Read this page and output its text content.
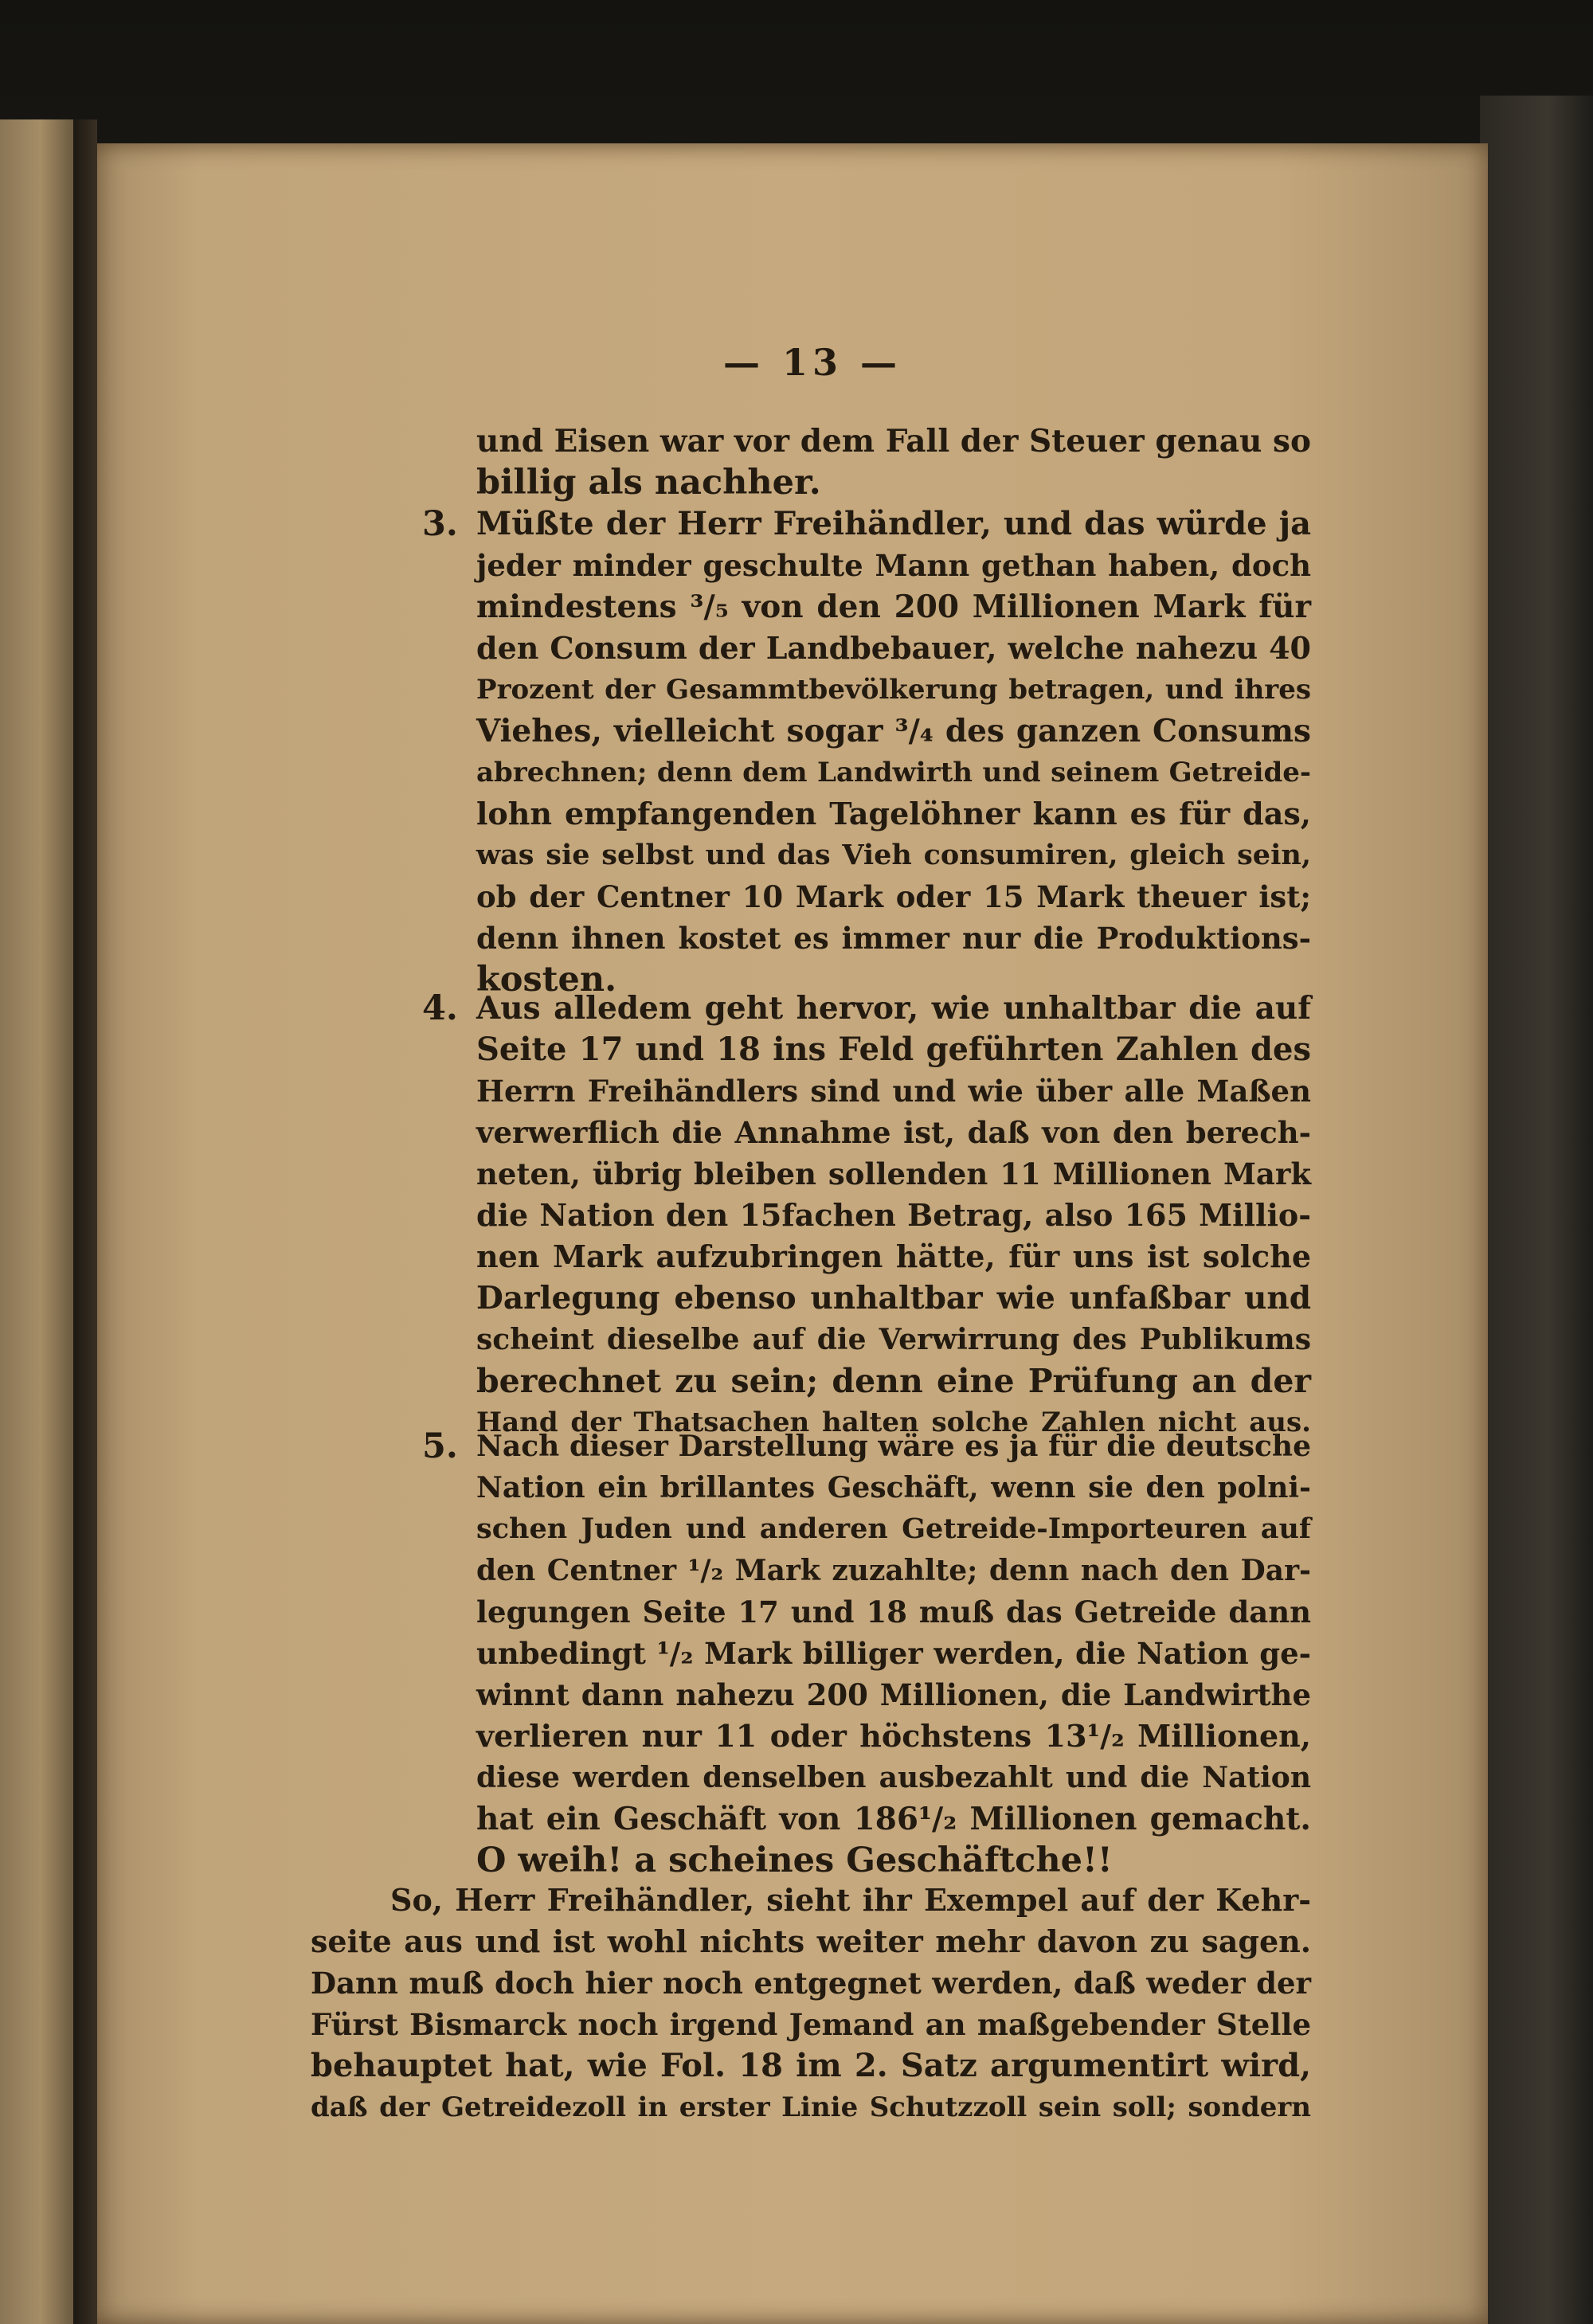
— 13 —
und Eisen war vor dem Fall der Steuer genau so
billig als nachher.
3. Müßte der Herr Freihändler, und das würde ja
jeder minder geschulte Mann gethan haben, doch
mindestens ³/₅ von den 200 Millionen Mark für
den Consum der Landbebauer, welche nahezu 40
Prozent der Gesammtbevölkerung betragen, und ihres
Viehes, vielleicht sogar ³/₄ des ganzen Consums
abrechnen; denn dem Landwirth und seinem Getreide-
lohn empfangenden Tagelöhner kann es für das,
was sie selbst und das Vieh consumiren, gleich sein,
ob der Centner 10 Mark oder 15 Mark theuer ist;
denn ihnen kostet es immer nur die Produktions-
kosten.
4. Aus alledem geht hervor, wie unhaltbar die auf
Seite 17 und 18 ins Feld geführten Zahlen des
Herrn Freihändlers sind und wie über alle Maßen
verwerflich die Annahme ist, daß von den berech-
neten, übrig bleiben sollenden 11 Millionen Mark
die Nation den 15fachen Betrag, also 165 Millio-
nen Mark aufzubringen hätte, für uns ist solche
Darlegung ebenso unhaltbar wie unfaßbar und
scheint dieselbe auf die Verwirrung des Publikums
berechnet zu sein; denn eine Prüfung an der
Hand der Thatsachen halten solche Zahlen nicht aus.
5. Nach dieser Darstellung wäre es ja für die deutsche
Nation ein brillantes Geschäft, wenn sie den polni-
schen Juden und anderen Getreide-Importeuren auf
den Centner ¹/₂ Mark zuzahlte; denn nach den Dar-
legungen Seite 17 und 18 muß das Getreide dann
unbedingt ¹/₂ Mark billiger werden, die Nation ge-
winnt dann nahezu 200 Millionen, die Landwirthe
verlieren nur 11 oder höchstens 13¹/₂ Millionen,
diese werden denselben ausbezahlt und die Nation
hat ein Geschäft von 186¹/₂ Millionen gemacht.
O weih! a scheines Geschäftche!!
So, Herr Freihändler, sieht ihr Exempel auf der Kehr-
seite aus und ist wohl nichts weiter mehr davon zu sagen.
Dann muß doch hier noch entgegnet werden, daß weder der
Fürst Bismarck noch irgend Jemand an maßgebender Stelle
behauptet hat, wie Fol. 18 im 2. Satz argumentirt wird,
daß der Getreidezoll in erster Linie Schutzzoll sein soll; sondern
